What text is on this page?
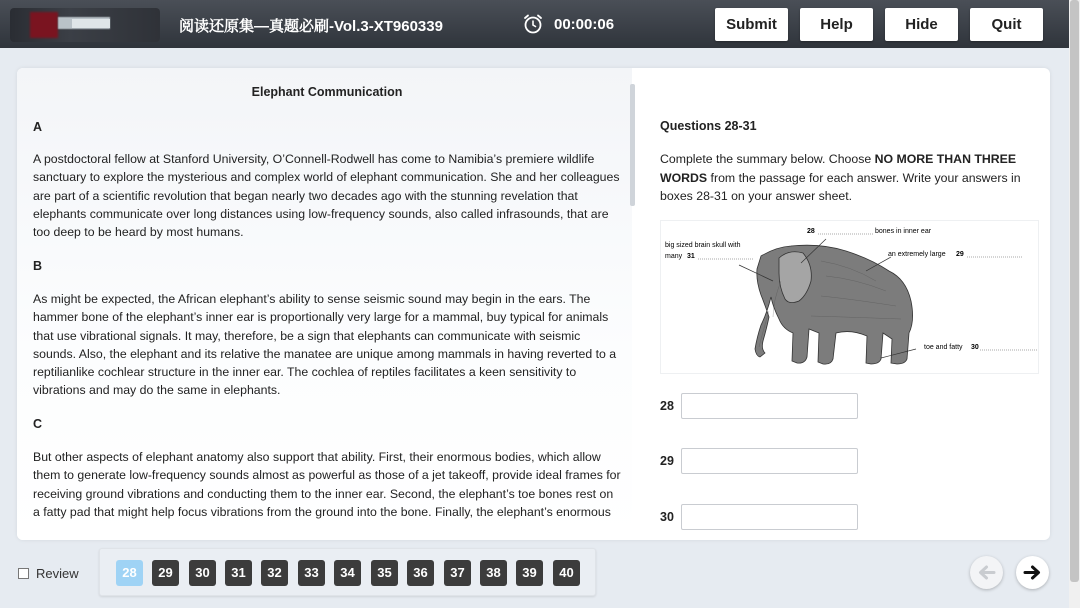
阅读还原集—真题必刷-Vol.3-XT960339	00:00:06	Submit	Help	Hide	Quit
Elephant Communication
A
A postdoctoral fellow at Stanford University, O’Connell-Rodwell has come to Namibia’s premiere wildlife sanctuary to explore the mysterious and complex world of elephant communication. She and her colleagues are part of a scientific revolution that began nearly two decades ago with the stunning revelation that elephants communicate over long distances using low-frequency sounds, also called infrasounds, that are too deep to be heard by most humans.
B
As might be expected, the African elephant’s ability to sense seismic sound may begin in the ears. The hammer bone of the elephant’s inner ear is proportionally very large for a mammal, buy typical for animals that use vibrational signals. It may, therefore, be a sign that elephants can communicate with seismic sounds. Also, the elephant and its relative the manatee are unique among mammals in having reverted to a reptilianlike cochlear structure in the inner ear. The cochlea of reptiles facilitates a keen sensitivity to vibrations and may do the same in elephants.
C
But other aspects of elephant anatomy also support that ability. First, their enormous bodies, which allow them to generate low-frequency sounds almost as powerful as those of a jet takeoff, provide ideal frames for receiving ground vibrations and conducting them to the inner ear. Second, the elephant’s toe bones rest on a fatty pad that might help focus vibrations from the ground into the bone. Finally, the elephant’s enormous
Questions 28-31
Complete the summary below. Choose NO MORE THAN THREE WORDS from the passage for each answer. Write your answers in boxes 28-31 on your answer sheet.
28	bones in inner ear
big sized brain skull with
many 31	an extremely large 29
toe and fatty 30
28
29
30
Review	28	29	30	31	32	33	34	35	36	37	38	39	40
